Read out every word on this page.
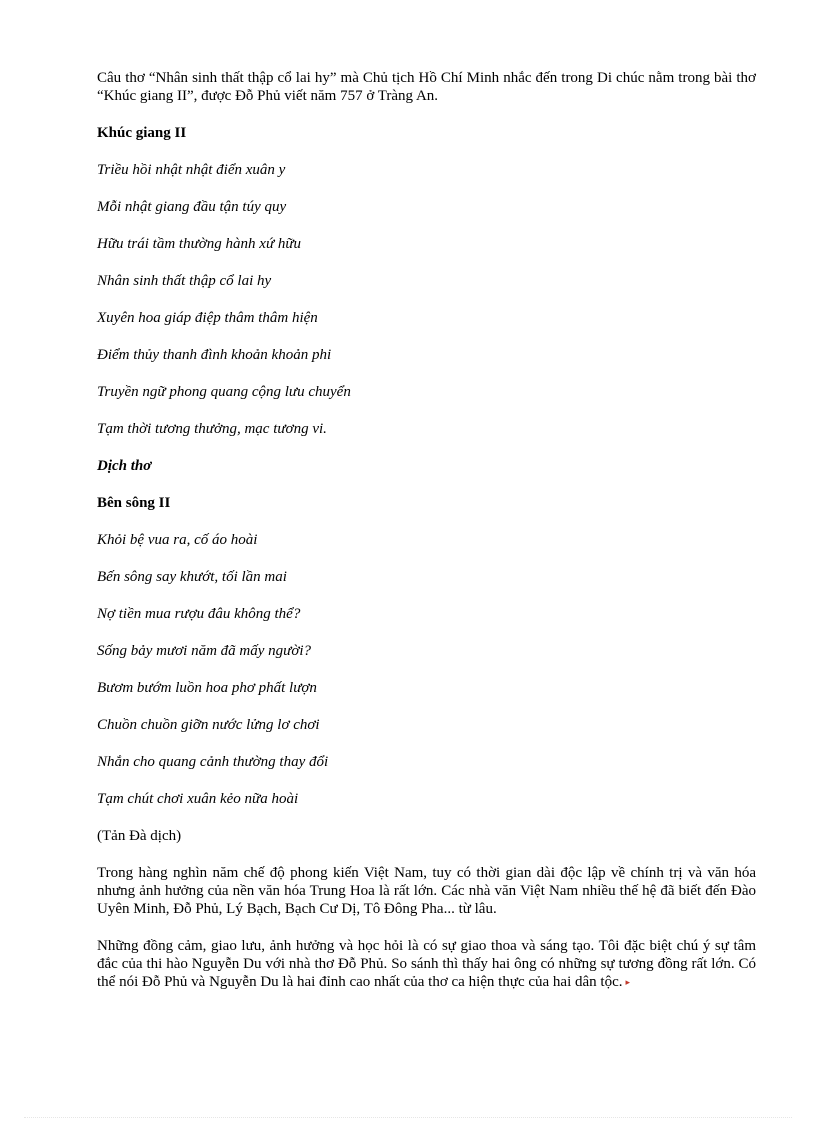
Câu thơ “Nhân sinh thất thập cổ lai hy” mà Chủ tịch Hồ Chí Minh nhắc đến trong Di chúc nằm trong bài thơ “Khúc giang II”, được Đỗ Phủ viết năm 757 ở Tràng An.

Khúc giang II

Triều hồi nhật nhật điển xuân y

Mỗi nhật giang đầu tận túy quy

Hữu trái tầm thường hành xứ hữu

Nhân sinh thất thập cổ lai hy

Xuyên hoa giáp điệp thâm thâm hiện

Điểm thủy thanh đình khoản khoản phi

Truyền ngữ phong quang cộng lưu chuyển

Tạm thời tương thưởng, mạc tương vi.

Dịch thơ

Bên sông II

Khỏi bệ vua ra, cố áo hoài

Bến sông say khướt, tối lần mai

Nợ tiền mua rượu đâu không thể?

Sống bảy mươi năm đã mấy người?

Bươm bướm luồn hoa phơ phất lượn

Chuồn chuồn giỡn nước lửng lơ chơi

Nhắn cho quang cảnh thường thay đổi

Tạm chút chơi xuân kẻo nữa hoài

(Tản Đà dịch)

Trong hàng nghìn năm chế độ phong kiến Việt Nam, tuy có thời gian dài độc lập về chính trị và văn hóa nhưng ảnh hưởng của nền văn hóa Trung Hoa là rất lớn. Các nhà văn Việt Nam nhiều thế hệ đã biết đến Đào Uyên Minh, Đỗ Phủ, Lý Bạch, Bạch Cư Dị, Tô Đông Pha... từ lâu.

Những đồng cảm, giao lưu, ảnh hưởng và học hỏi là có sự giao thoa và sáng tạo. Tôi đặc biệt chú ý sự tâm đắc của thi hào Nguyễn Du với nhà thơ Đỗ Phủ. So sánh thì thấy hai ông có những sự tương đồng rất lớn. Có thể nói Đỗ Phủ và Nguyễn Du là hai đỉnh cao nhất của thơ ca hiện thực của hai dân tộc. ▸
